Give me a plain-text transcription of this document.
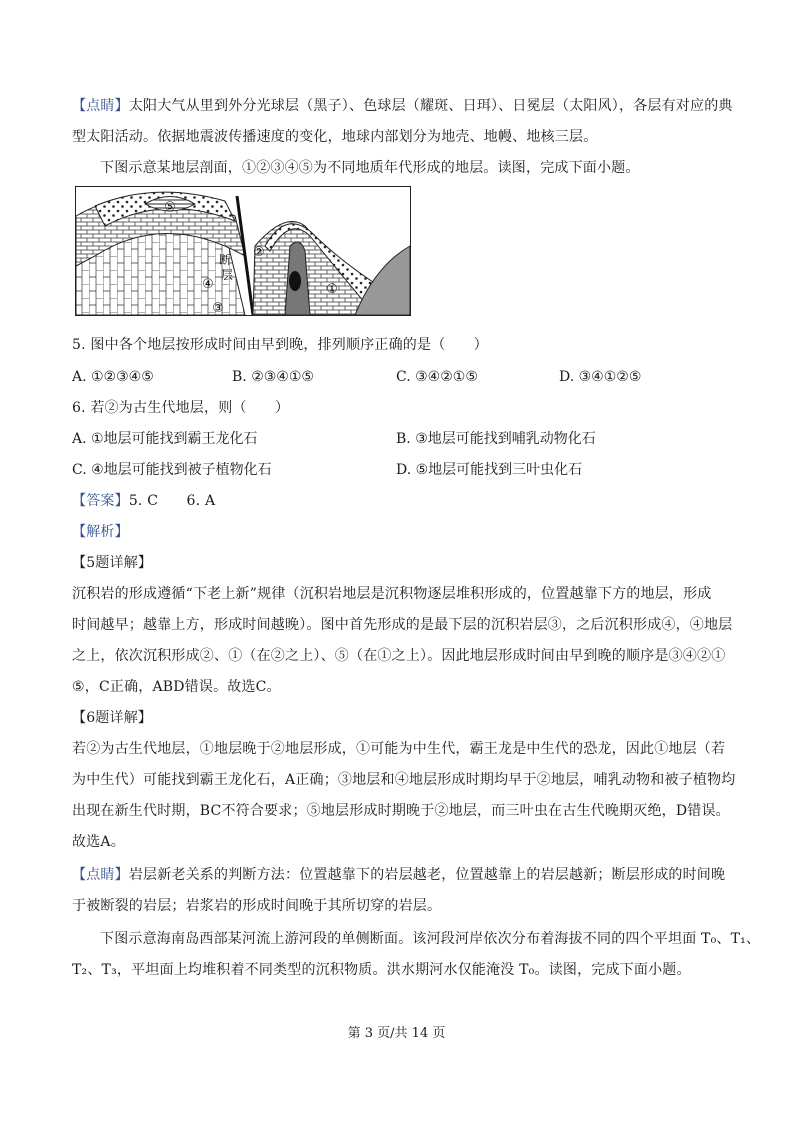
【点睛】太阳大气从里到外分光球层（黑子）、色球层（耀斑、日珥）、日冕层（太阳风），各层有对应的典
型太阳活动。依据地震波传播速度的变化，地球内部划分为地壳、地幔、地核三层。
下图示意某地层剖面，①②③④⑤为不同地质年代形成的地层。读图，完成下面小题。
⑤
④
③
②
①
断
层
5. 图中各个地层按形成时间由早到晚，排列顺序正确的是（　　）
A. ①②③④⑤	B. ②③④①⑤	C. ③④②①⑤	D. ③④①②⑤
6. 若②为古生代地层，则（　　）
A. ①地层可能找到霸王龙化石	B. ③地层可能找到哺乳动物化石
C. ④地层可能找到被子植物化石	D. ⑤地层可能找到三叶虫化石
【答案】5. C　　6. A
【解析】
【5题详解】
沉积岩的形成遵循“下老上新”规律（沉积岩地层是沉积物逐层堆积形成的，位置越靠下方的地层，形成
时间越早；越靠上方，形成时间越晚）。图中首先形成的是最下层的沉积岩层③，之后沉积形成④，④地层
之上，依次沉积形成②、①（在②之上）、⑤（在①之上）。因此地层形成时间由早到晚的顺序是③④②①
⑤，C正确，ABD错误。故选C。
【6题详解】
若②为古生代地层，①地层晚于②地层形成，①可能为中生代，霸王龙是中生代的恐龙，因此①地层（若
为中生代）可能找到霸王龙化石，A正确；③地层和④地层形成时期均早于②地层，哺乳动物和被子植物均
出现在新生代时期，BC不符合要求；⑤地层形成时期晚于②地层，而三叶虫在古生代晚期灭绝，D错误。
故选A。
【点睛】岩层新老关系的判断方法：位置越靠下的岩层越老，位置越靠上的岩层越新；断层形成的时间晚
于被断裂的岩层；岩浆岩的形成时间晚于其所切穿的岩层。
下图示意海南岛西部某河流上游河段的单侧断面。该河段河岸依次分布着海拔不同的四个平坦面 T₀、T₁、
T₂、T₃，平坦面上均堆积着不同类型的沉积物质。洪水期河水仅能淹没 T₀。读图，完成下面小题。
第 3 页/共 14 页
